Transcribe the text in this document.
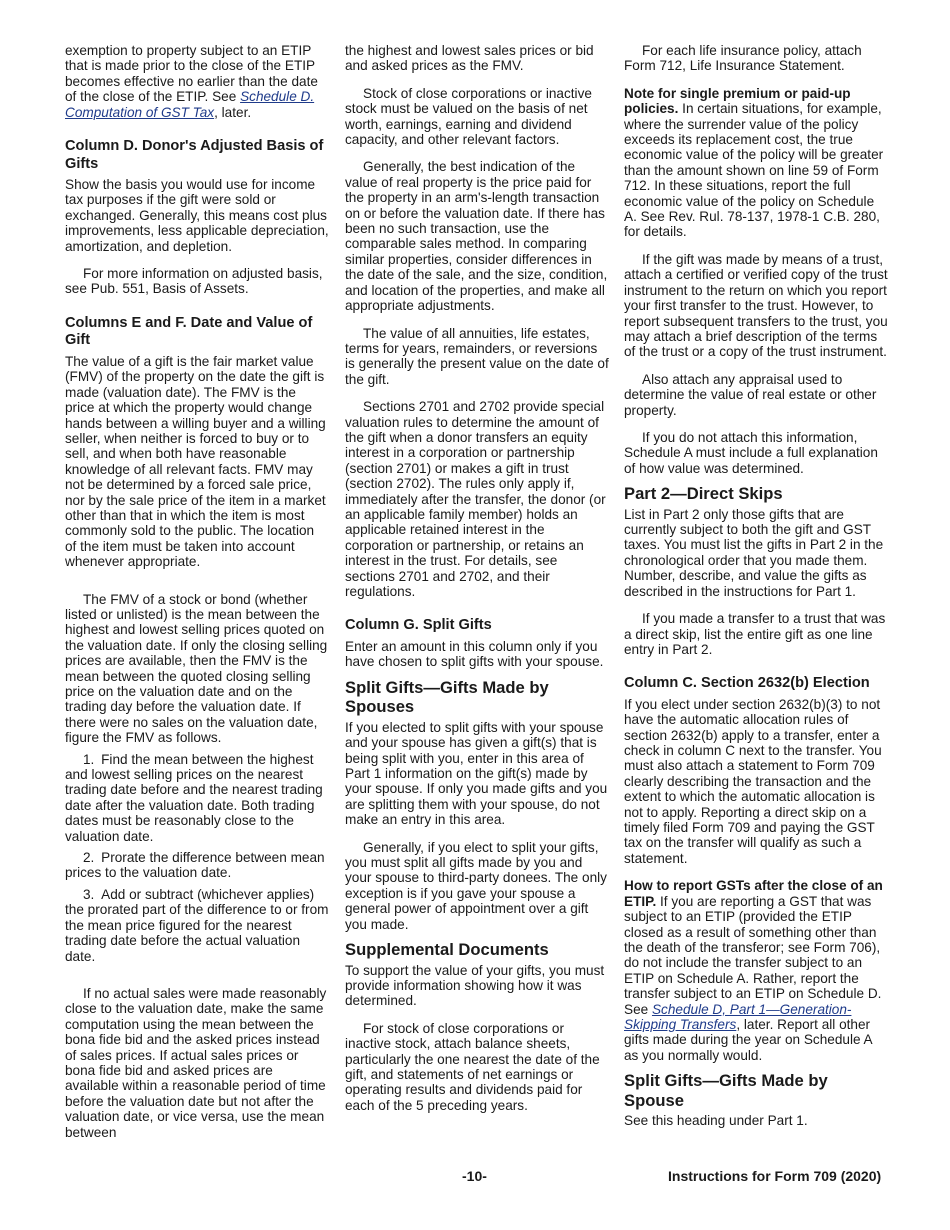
exemption to property subject to an ETIP that is made prior to the close of the ETIP becomes effective no earlier than the date of the close of the ETIP. See Schedule D. Computation of GST Tax, later.

Column D. Donor's Adjusted Basis of Gifts

Show the basis you would use for income tax purposes if the gift were sold or exchanged. Generally, this means cost plus improvements, less applicable depreciation, amortization, and depletion.

For more information on adjusted basis, see Pub. 551, Basis of Assets.

Columns E and F. Date and Value of Gift

The value of a gift is the fair market value (FMV) of the property on the date the gift is made (valuation date). The FMV is the price at which the property would change hands between a willing buyer and a willing seller, when neither is forced to buy or to sell, and when both have reasonable knowledge of all relevant facts. FMV may not be determined by a forced sale price, nor by the sale price of the item in a market other than that in which the item is most commonly sold to the public. The location of the item must be taken into account whenever appropriate.

The FMV of a stock or bond (whether listed or unlisted) is the mean between the highest and lowest selling prices quoted on the valuation date. If only the closing selling prices are available, then the FMV is the mean between the quoted closing selling price on the valuation date and on the trading day before the valuation date. If there were no sales on the valuation date, figure the FMV as follows.

1. Find the mean between the highest and lowest selling prices on the nearest trading date before and the nearest trading date after the valuation date. Both trading dates must be reasonably close to the valuation date.

2. Prorate the difference between mean prices to the valuation date.

3. Add or subtract (whichever applies) the prorated part of the difference to or from the mean price figured for the nearest trading date before the actual valuation date.

If no actual sales were made reasonably close to the valuation date, make the same computation using the mean between the bona fide bid and the asked prices instead of sales prices. If actual sales prices or bona fide bid and asked prices are available within a reasonable period of time before the valuation date but not after the valuation date, or vice versa, use the mean between

the highest and lowest sales prices or bid and asked prices as the FMV.

Stock of close corporations or inactive stock must be valued on the basis of net worth, earnings, earning and dividend capacity, and other relevant factors.

Generally, the best indication of the value of real property is the price paid for the property in an arm's-length transaction on or before the valuation date. If there has been no such transaction, use the comparable sales method. In comparing similar properties, consider differences in the date of the sale, and the size, condition, and location of the properties, and make all appropriate adjustments.

The value of all annuities, life estates, terms for years, remainders, or reversions is generally the present value on the date of the gift.

Sections 2701 and 2702 provide special valuation rules to determine the amount of the gift when a donor transfers an equity interest in a corporation or partnership (section 2701) or makes a gift in trust (section 2702). The rules only apply if, immediately after the transfer, the donor (or an applicable family member) holds an applicable retained interest in the corporation or partnership, or retains an interest in the trust. For details, see sections 2701 and 2702, and their regulations.

Column G. Split Gifts

Enter an amount in this column only if you have chosen to split gifts with your spouse.

Split Gifts—Gifts Made by Spouses

If you elected to split gifts with your spouse and your spouse has given a gift(s) that is being split with you, enter in this area of Part 1 information on the gift(s) made by your spouse. If only you made gifts and you are splitting them with your spouse, do not make an entry in this area.

Generally, if you elect to split your gifts, you must split all gifts made by you and your spouse to third-party donees. The only exception is if you gave your spouse a general power of appointment over a gift you made.

Supplemental Documents

To support the value of your gifts, you must provide information showing how it was determined.

For stock of close corporations or inactive stock, attach balance sheets, particularly the one nearest the date of the gift, and statements of net earnings or operating results and dividends paid for each of the 5 preceding years.

For each life insurance policy, attach Form 712, Life Insurance Statement.

Note for single premium or paid-up policies. In certain situations, for example, where the surrender value of the policy exceeds its replacement cost, the true economic value of the policy will be greater than the amount shown on line 59 of Form 712. In these situations, report the full economic value of the policy on Schedule A. See Rev. Rul. 78-137, 1978-1 C.B. 280, for details.

If the gift was made by means of a trust, attach a certified or verified copy of the trust instrument to the return on which you report your first transfer to the trust. However, to report subsequent transfers to the trust, you may attach a brief description of the terms of the trust or a copy of the trust instrument.

Also attach any appraisal used to determine the value of real estate or other property.

If you do not attach this information, Schedule A must include a full explanation of how value was determined.

Part 2—Direct Skips

List in Part 2 only those gifts that are currently subject to both the gift and GST taxes. You must list the gifts in Part 2 in the chronological order that you made them. Number, describe, and value the gifts as described in the instructions for Part 1.

If you made a transfer to a trust that was a direct skip, list the entire gift as one line entry in Part 2.

Column C. Section 2632(b) Election

If you elect under section 2632(b)(3) to not have the automatic allocation rules of section 2632(b) apply to a transfer, enter a check in column C next to the transfer. You must also attach a statement to Form 709 clearly describing the transaction and the extent to which the automatic allocation is not to apply. Reporting a direct skip on a timely filed Form 709 and paying the GST tax on the transfer will qualify as such a statement.

How to report GSTs after the close of an ETIP. If you are reporting a GST that was subject to an ETIP (provided the ETIP closed as a result of something other than the death of the transferor; see Form 706), do not include the transfer subject to an ETIP on Schedule A. Rather, report the transfer subject to an ETIP on Schedule D. See Schedule D, Part 1—Generation-Skipping Transfers, later. Report all other gifts made during the year on Schedule A as you normally would.

Split Gifts—Gifts Made by Spouse

See this heading under Part 1.

-10-	Instructions for Form 709 (2020)
